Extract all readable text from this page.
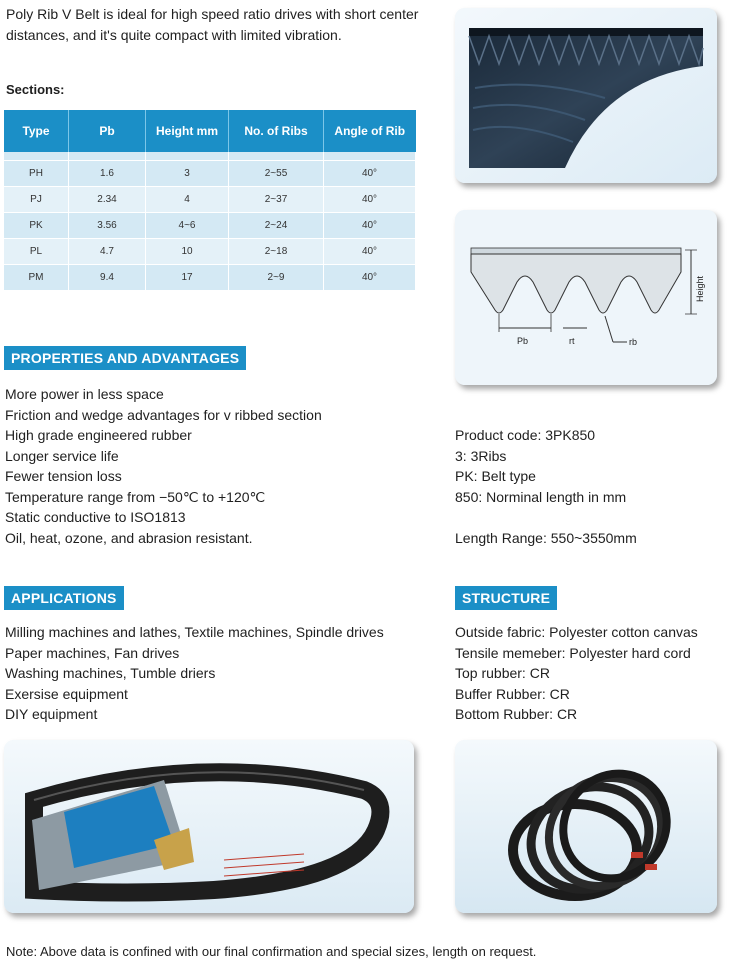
Poly Rib V Belt is ideal for high speed ratio drives with short center distances, and it's quite compact with limited vibration.
Sections:
Type	Pb	Height mm	No. of Ribs	Angle of Rib

PH	1.6	3	2~55	40°
PJ	2.34	4	2~37	40°
PK	3.56	4~6	2~24	40°
PL	4.7	10	2~18	40°
PM	9.4	17	2~9	40°
Pb	rt	rb
Height
PROPERTIES AND ADVANTAGES
More power in less space
Friction and wedge advantages for v ribbed section
High grade engineered rubber
Longer service life
Fewer tension loss
Temperature range from −50℃ to +120℃
Static conductive to ISO1813
Oil, heat, ozone, and abrasion resistant.
Product code: 3PK850
3: 3Ribs
PK: Belt type
850: Norminal length in mm
Length Range: 550~3550mm
APPLICATIONS
Milling machines and lathes, Textile machines, Spindle drives
Paper machines, Fan drives
Washing machines, Tumble driers
Exersise equipment
DIY equipment
STRUCTURE
Outside fabric: Polyester cotton canvas
Tensile memeber: Polyester hard cord
Top rubber: CR
Buffer Rubber: CR
Bottom Rubber: CR
Note: Above data is confined with our final confirmation and special sizes, length on request.
